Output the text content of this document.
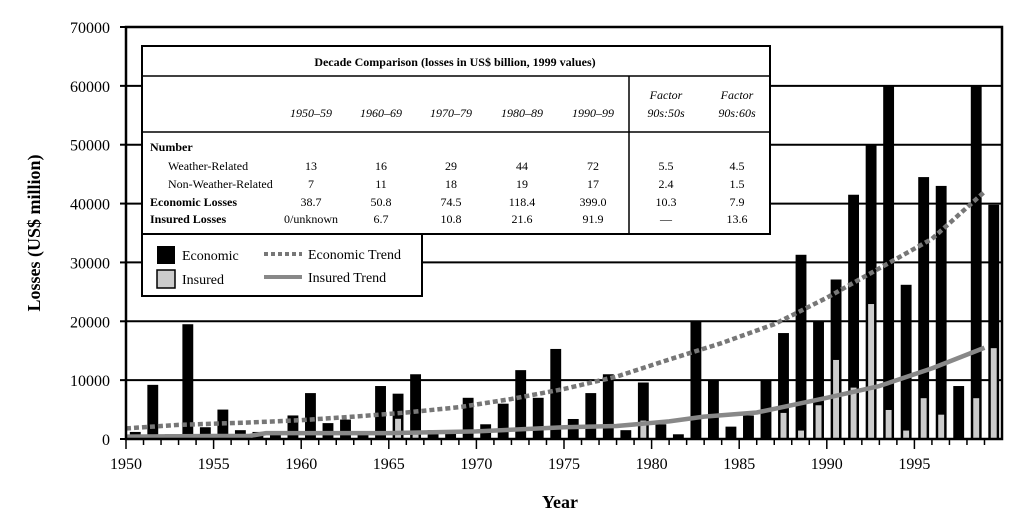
0
10000
20000
30000
40000
50000
60000
70000
1950	1955	1960	1965	1970	1975	1980	1985	1990	1995
Losses (US$ million)
Year
Decade Comparison (losses in US$ billion, 1999 values)
1950–59 1960–69 1970–79 1980–89 1990–99
Factor
90s:50s
Factor
90s:60s
Number
Weather-Related	13	16	29	44	72	5.5	4.5
Non-Weather-Related	7	11	18	19	17	2.4	1.5
Economic Losses	38.7	50.8	74.5	118.4	399.0	10.3	7.9
Insured Losses	0/unknown	6.7	10.8	21.6	91.9	—	13.6
Economic
Insured
Economic Trend
Insured Trend
